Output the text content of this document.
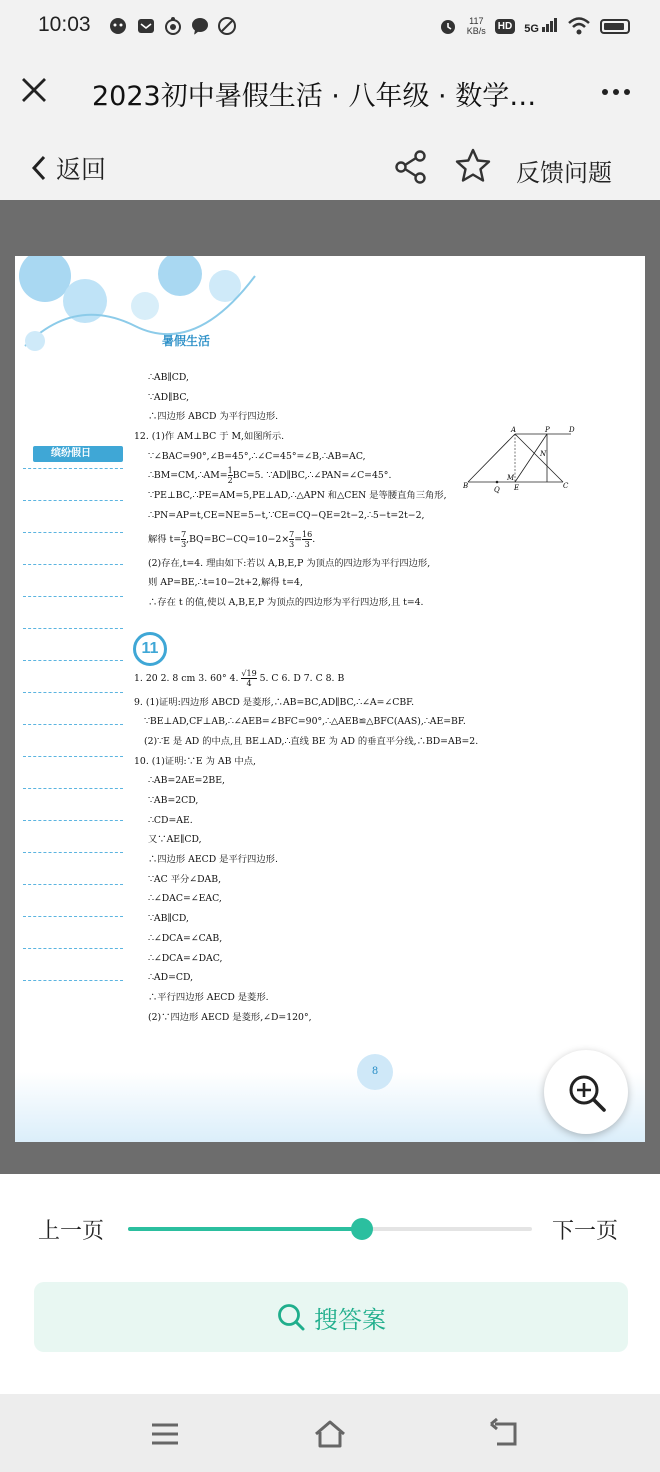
10:03	117
KB/s	HD 5G
2023初中暑假生活 · 八年级 · 数学…
返回	反馈问题
暑假生活
缤纷假日
∴AB∥CD,
∵AD∥BC,
∴四边形 ABCD 为平行四边形.
12. (1)作 AM⊥BC 于 M,如图所示.
∵∠BAC=90°,∠B=45°,∴∠C=45°=∠B,∴AB=AC,
∴BM=CM,∴AM= $\frac{1}{2} BC=5$. ∵AD∥BC,∴∠PAN=∠C=45°.
∵PE⊥BC,∴PE=AM=5,PE⊥AD,∴△APN 和△CEN 是等腰直角三角形,
∴PN=AP=t,CE=NE=5−t,∵CE=CQ−QE=2t−2,∴5−t=2t−2,
解得 $t= \frac{7}{3} ,BQ=BC-CQ=10-2\times \frac{7}{3} = \frac{16}{3}$ .
(2)存在,t=4. 理由如下:若以 A,B,E,P 为顶点的四边形为平行四边形,
则 AP=BE,∴t=10−2t+2,解得 t=4,
∴存在 t 的值,使以 A,B,E,P 为顶点的四边形为平行四边形,且 t=4.
1. 20 2. 8 cm 3. 60° 4. $\frac{√19}{4} 5$. C 6. D 7. C 8. B
9. (1)证明:四边形 ABCD 是菱形,∴AB=BC,AD∥BC,∴∠A=∠CBF.
∵BE⊥AD,CF⊥AB,∴∠AEB=∠BFC=90°,∴△AEB≌△BFC(AAS),∴AE=BF.
(2)∵E 是 AD 的中点,且 BE⊥AD,∴直线 BE 为 AD 的垂直平分线,∴BD=AB=2.
10. (1)证明:∵E 为 AB 中点,
∴AB=2AE=2BE,
∵AB=2CD,
∴CD=AE.
又∵AE∥CD,
∴四边形 AECD 是平行四边形.
∵AC 平分∠DAB,
∴∠DAC=∠EAC,
∵AB∥CD,
∴∠DCA=∠CAB,
∴∠DCA=∠DAC,
∴AD=CD,
∴平行四边形 AECD 是菱形.
(2)∵四边形 AECD 是菱形,∠D=120°,
A	P	D
N
B	Q
M
E	C
11
8
上一页	下一页
搜答案
